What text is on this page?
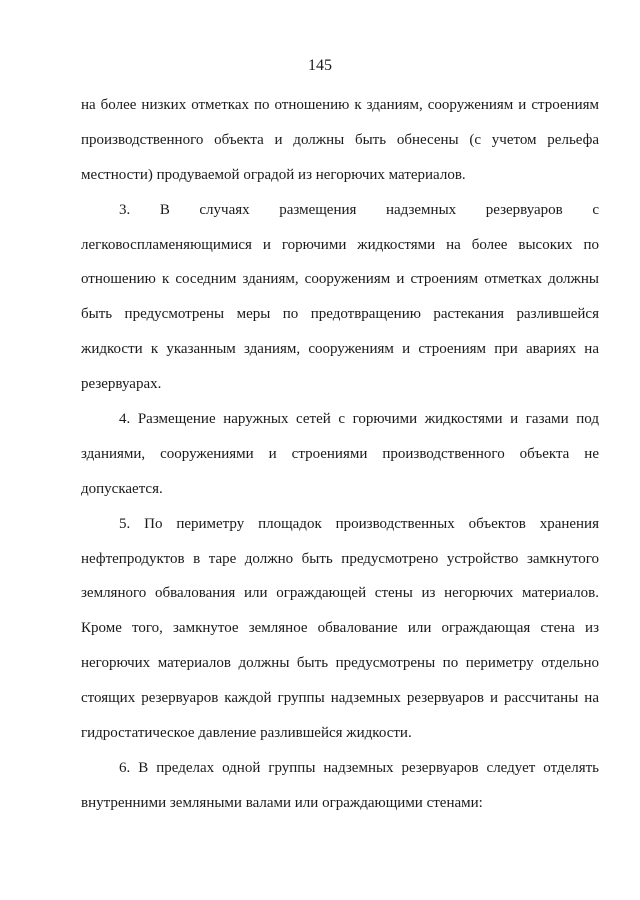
145
на более низких отметках по отношению к зданиям, сооружениям и строениям
производственного объекта и должны быть обнесены (с учетом рельефа
местности) продуваемой оградой из негорючих материалов.
3. В случаях размещения надземных резервуаров с
легковоспламеняющимися и горючими жидкостями на более высоких по
отношению к соседним зданиям, сооружениям и строениям отметках должны
быть предусмотрены меры по предотвращению растекания разлившейся
жидкости к указанным зданиям, сооружениям и строениям при авариях на
резервуарах.
4. Размещение наружных сетей с горючими жидкостями и газами под
зданиями, сооружениями и строениями производственного объекта не
допускается.
5. По периметру площадок производственных объектов хранения
нефтепродуктов в таре должно быть предусмотрено устройство замкнутого
земляного обвалования или ограждающей стены из негорючих материалов.
Кроме того, замкнутое земляное обвалование или ограждающая стена из
негорючих материалов должны быть предусмотрены по периметру отдельно
стоящих резервуаров каждой группы надземных резервуаров и рассчитаны на
гидростатическое давление разлившейся жидкости.
6. В пределах одной группы надземных резервуаров следует отделять
внутренними земляными валами или ограждающими стенами:
